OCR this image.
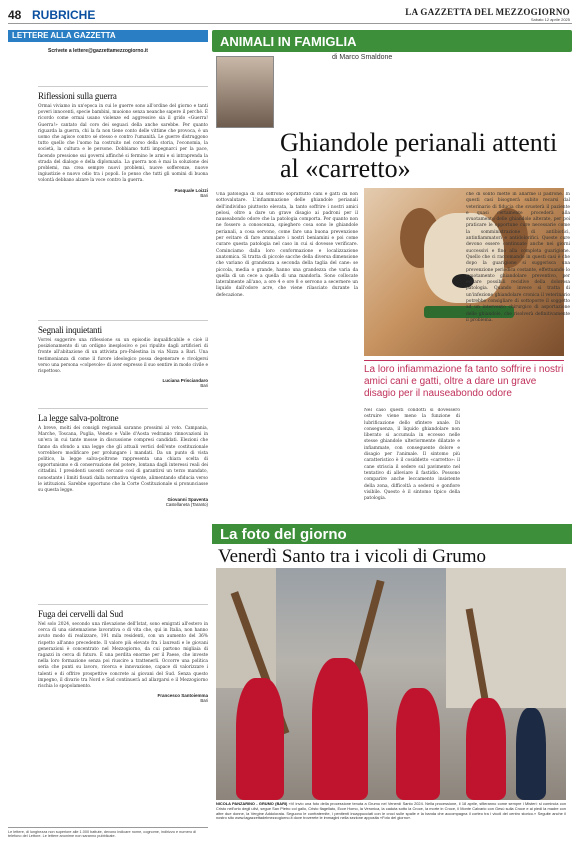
48 RUBRICHE	LA GAZZETTA DEL MEZZOGIORNO
Sabato 12 aprile 2025
LETTERE ALLA GAZZETTA
Scrivete a lettere@gazzettamezzogiorno.it
Riflessioni sulla guerra

Ormai viviamo in un'epoca in cui le guerre sono all'ordine del giorno e tanti poveri innocenti, specie bambini, muoiono senza neanche sapere il perché. È ricordo come ormai usano violenze ed aggressive sia il grido «Guerra! Guerra!» cantato dal coro dei seguaci della anche sarebbe. Per quanto riguarda la guerra, chi la fa non tiene conto delle vittime che provoca, è un uomo che agisce contro sé stesso e contro l'umanità. Le guerre distruggono tutto quello che l'uomo ha costruito nel corso della storia, l'economia, la società, la cultura e le persone. Dobbiamo tutti impegnarci per la pace, facendo pressione sui governi affinché si fermino le armi e si intraprenda la strada del dialogo e della diplomazia. La guerra non è mai la soluzione dei problemi, ma crea sempre nuovi problemi, nuove sofferenze, nuove ingiustizie e nuovo odio tra i popoli. Io penso che tutti gli uomini di buona volontà debbano alzare la voce contro la guerra.

Pasquale Loizzi
Bari
Segnali inquietanti

Vorrei suggerire una riflessione su un episodio inqualificabile e cioè il posizionamento di un ordigno inesplosivo e poi ripulito dagli artificieri di fronte all'abitazione di un attivista pro-Palestina in via Nizza a Bari. Una testimonianza di come il furore ideologico possa degenerare e rivolgersi verso una persona «colpevole» di aver espresso il suo sentire in modo civile e rispettoso.

Luciana Prisciandaro
Bari
La legge salva-poltrone

A breve, molti dei consigli regionali saranno prossimi al voto. Campania, Marche, Toscana, Puglia, Veneto e Valle d'Aosta vedranno rinnovazioni in un'era in cui tante mosse in discussione compresi candidati. Elezioni che fanno da sfondo a una legge che gli attuali vertici dell'ente costituzionale vorrebbero modificare per prolungare i mandati. Da un punto di vista politico, la legge salva-poltrone rappresenta una chiara scelta di opportunismo e di conservazione del potere, lontana dagli interessi reali dei cittadini. I presidenti uscenti cercano così di garantirsi un terzo mandato, nonostante i limiti fissati dalla normativa vigente, alimentando sfiducia verso le istituzioni. Sarebbe opportuno che la Corte Costituzionale si pronunciasse su questa legge.

Giovanni Spaventa
Castellaneta (Taranto)
Fuga dei cervelli dal Sud

Nel solo 2024, secondo una rilevazione dell'Istat, sono emigrati all'estero in cerca di una sistemazione lavorativa o di vita che, qui in Italia, non hanno avuto modo di realizzare, 191 mila residenti, con un aumento del 36% rispetto all'anno precedente. Il valore più elevato fra i laureati e le giovani generazioni è concentrato nel Mezzogiorno, da cui partono migliaia di ragazzi in cerca di futuro. È una perdita enorme per il Paese, che investe nella loro formazione senza poi riuscire a trattenerli. Occorre una politica seria che punti su lavoro, ricerca e innovazione, capace di valorizzare i talenti e di offrire prospettive concrete ai giovani del Sud. Senza questo impegno, il divario tra Nord e Sud continuerà ad allargarsi e il Mezzogiorno rischia lo spopolamento.

Francesco Santoiemma
Bari
Le lettere, di lunghezza non superiore alle 1.000 battute, devono indicare nome, cognome, indirizzo e numero di telefono del Lettore. Le lettere anonime non saranno pubblicate.
ANIMALI IN FAMIGLIA
di Marco Smaldone
Ghiandole perianali attenti al «carretto»

Una patologia di cui soffrono soprattutto cani e gatti da non sottovalutare. L'infiammazione delle ghiandole perianali dell'individuo piuttosto elevata, la tanto soffrire i nostri amici pelosi, oltre a dare un grave disagio ai padroni per il nauseabondo odore che la patologia comporta. Per quanto non ne fossero a conoscenza, spieghero cosa sono le ghiandole perianali, a cosa servono, come fare una buona prevenzione per evitare di fare ammalare i nostri beniamini e poi come curare questa patologia nel caso in cui si dovesse verificare. Cominciamo dalla loro conformazione e localizzazione anatomica. Si tratta di piccole sacche della diversa dimensione che variano di grandezza a seconda della taglia del cane: se piccola, media o grande, hanno una grandezza che varia da quella di un cece a quella di una mandorla. Sono collocate lateralmente all'ano, a ore 4 e ore 8 e servono a secernere un liquido dall'odore acre, che viene rilasciato durante la defecazione.

La loro infiammazione fa tanto soffrire i nostri amici cani e gatti, oltre a dare un grave disagio per il nauseabondo odore

Nel caso questi condotti si dovessero ostruire viene meno la funzione di lubrificazione dello sfintere anale. Di conseguenza, il liquido ghiandolare non liberato si accumula in eccesso nelle stesse ghiandole ulteriormente dilatate e infiammate, con conseguente dolore e disagio per l'animale. Il sintomo più caratteristico è il cosiddetto «carretto»: il cane striscia il sedere sul pavimento nel tentativo di alleviare il fastidio. Possono comparire anche leccamento insistente della zona, difficoltà a sedersi e gonfiore visibile. Questo è il sintomo tipico della patologia.

che di solito mette in allarme il padrone. In questi casi bisognerà subito recarsi dal veterinario di fiducia che svuoterà il paziente e quasi certamente procederà alla svuotamento delle ghiandole alterate, per poi praticare le opportune cure necessarie come la somministrazione di antibiotici, antinfiammatori e antidolorifici. Queste cure devono essere continuate anche nei giorni successivi e fino alla completa guarigione. Quello che ci raccomando in questi casi è che dopo la guarigione si suggerisca una prevenzione periodica costante, effettuando lo svuotamento ghiandolare preventivo, per evitare possibili recidive della dolorosa patologia. Quando invece si tratta di un'infezione ghiandolare cronica il veterinario potrebbe consigliare di sottoporre il soggetto ad un intervento chirurgico di asportazione delle ghiandole, che risolverà definitivamente il problema.

La foto del giorno
Venerdì Santo tra i vicoli di Grumo
NICOLA PANZARINO - GRUMO (BARI) «Vi invio una foto della processione tenuta a Grumo nel Venerdì Santo 2024. Nella processione, il 18 aprile, sfileranno come sempre i Misteri: si comincia con Cristo nell'orto degli ulivi, segue San Pietro col gallo, Cristo flagellato, Ecce Homo, la Veronica, la caduta sotto la Croce, la morte in Croce, il Monte Calvario con Gesù sulla Croce e ai piedi la madre con altre due donne, la Vergine Addolorata. Seguono le confraternite, i penitenti incappucciati con le croci sulle spalle e la banda che accompagna il corteo tra i vicoli del centro storico.» Seguite anche il nostro sito www.lagazzettadelmezzogiorno.it dove troverete le immagini nella sezione apposita «Foto del giorno».
